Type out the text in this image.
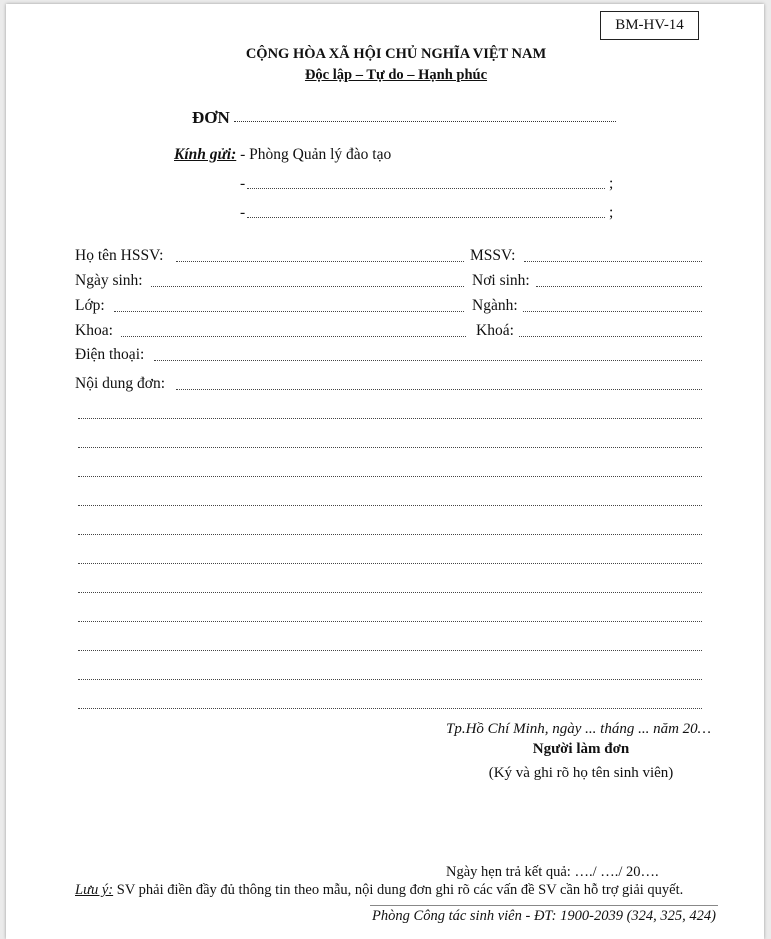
BM-HV-14
CỘNG HÒA XÃ HỘI CHỦ NGHĨA VIỆT NAM
Độc lập – Tự do – Hạnh phúc
ĐƠN
Kính gửi: - Phòng Quản lý đào tạo
-	;
-	;
Họ tên HSSV:	MSSV:
Ngày sinh:	Nơi sinh:
Lớp:	Ngành:
Khoa:	Khoá:
Điện thoại:
Nội dung đơn:
Tp.Hồ Chí Minh, ngày ... tháng ... năm 20…
Người làm đơn
(Ký và ghi rõ họ tên sinh viên)
Ngày hẹn trả kết quả: …./ …./ 20….
Lưu ý: SV phải điền đầy đủ thông tin theo mẫu, nội dung đơn ghi rõ các vấn đề SV cần hỗ trợ giải quyết.
Phòng Công tác sinh viên - ĐT: 1900-2039 (324, 325, 424)
